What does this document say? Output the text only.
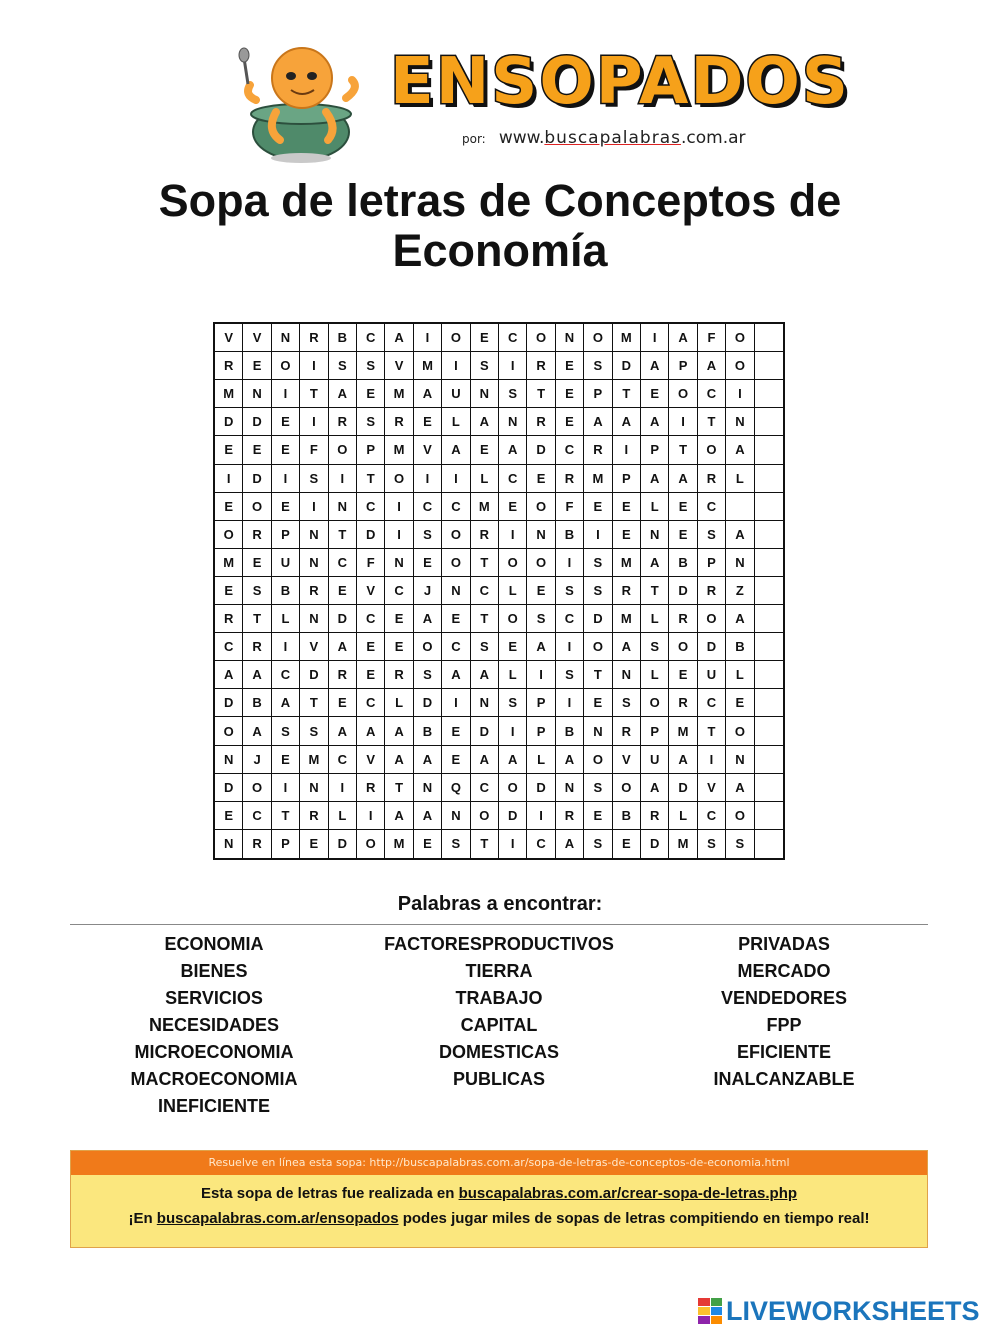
ENSOPADOS
por: www.buscapalabras.com.ar
Sopa de letras de Conceptos de Economía
V	V	N	R	B	C	A	I	O	E	C	O	N	O	M	I	A	F	O
R	E	O	I	S	S	V	M	I	S	I	R	E	S	D	A	P	A	O
M	N	I	T	A	E	M	A	U	N	S	T	E	P	T	E	O	C	I
D	D	E	I	R	S	R	E	L	A	N	R	E	A	A	A	I	T	N
E	E	E	F	O	P	M	V	A	E	A	D	C	R	I	P	T	O	A
I	D	I	S	I	T	O	I	I	L	C	E	R	M	P	A	A	R	L
E	O	E	I	N	C	I	C	C	M	E	O	F	E	E	L	E	C
O	R	P	N	T	D	I	S	O	R	I	N	B	I	E	N	E	S	A
M	E	U	N	C	F	N	E	O	T	O	O	I	S	M	A	B	P	N
E	S	B	R	E	V	C	J	N	C	L	E	S	S	R	T	D	R	Z
R	T	L	N	D	C	E	A	E	T	O	S	C	D	M	L	R	O	A
C	R	I	V	A	E	E	O	C	S	E	A	I	O	A	S	O	D	B
A	A	C	D	R	E	R	S	A	A	L	I	S	T	N	L	E	U	L
D	B	A	T	E	C	L	D	I	N	S	P	I	E	S	O	R	C	E
O	A	S	S	A	A	A	B	E	D	I	P	B	N	R	P	M	T	O
N	J	E	M	C	V	A	A	E	A	A	L	A	O	V	U	A	I	N
D	O	I	N	I	R	T	N	Q	C	O	D	N	S	O	A	D	V	A
E	C	T	R	L	I	A	A	N	O	D	I	R	E	B	R	L	C	O
N	R	P	E	D	O	M	E	S	T	I	C	A	S	E	D	M	S	S
Palabras a encontrar:
ECONOMIA
BIENES
SERVICIOS
NECESIDADES
MICROECONOMIA
MACROECONOMIA
INEFICIENTE
FACTORESPRODUCTIVOS
TIERRA
TRABAJO
CAPITAL
DOMESTICAS
PUBLICAS
PRIVADAS
MERCADO
VENDEDORES
FPP
EFICIENTE
INALCANZABLE
Resuelve en línea esta sopa: http://buscapalabras.com.ar/sopa-de-letras-de-conceptos-de-economia.html
Esta sopa de letras fue realizada en buscapalabras.com.ar/crear-sopa-de-letras.php
¡En buscapalabras.com.ar/ensopados podes jugar miles de sopas de letras compitiendo en tiempo real!
LIVEWORKSHEETS
